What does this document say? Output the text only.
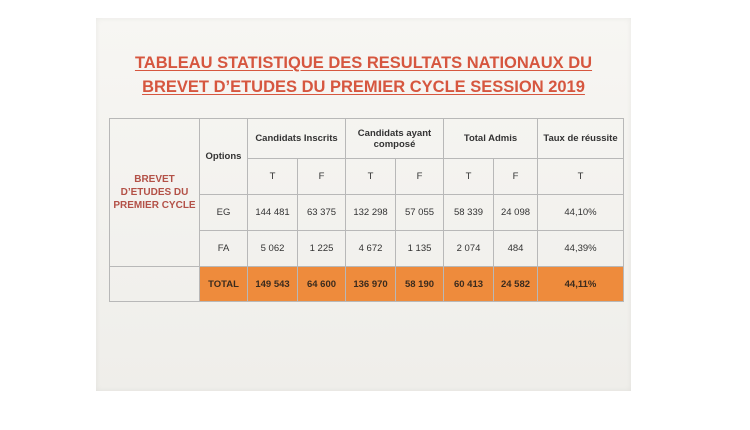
TABLEAU STATISTIQUE DES RESULTATS NATIONAUX DU
BREVET D’ETUDES DU PREMIER CYCLE SESSION 2019
BREVET
D’ETUDES DU
PREMIER CYCLE	Options	Candidats Inscrits		Candidats ayant composé		Total Admis		Taux de réussite
		T	F	T	F	T	F	T
	EG	144 481	63 375	132 298	57 055	58 339	24 098	44,10%
	FA	5 062	1 225	4 672	1 135	2 074	484	44,39%
	TOTAL	149 543	64 600	136 970	58 190	60 413	24 582	44,11%
